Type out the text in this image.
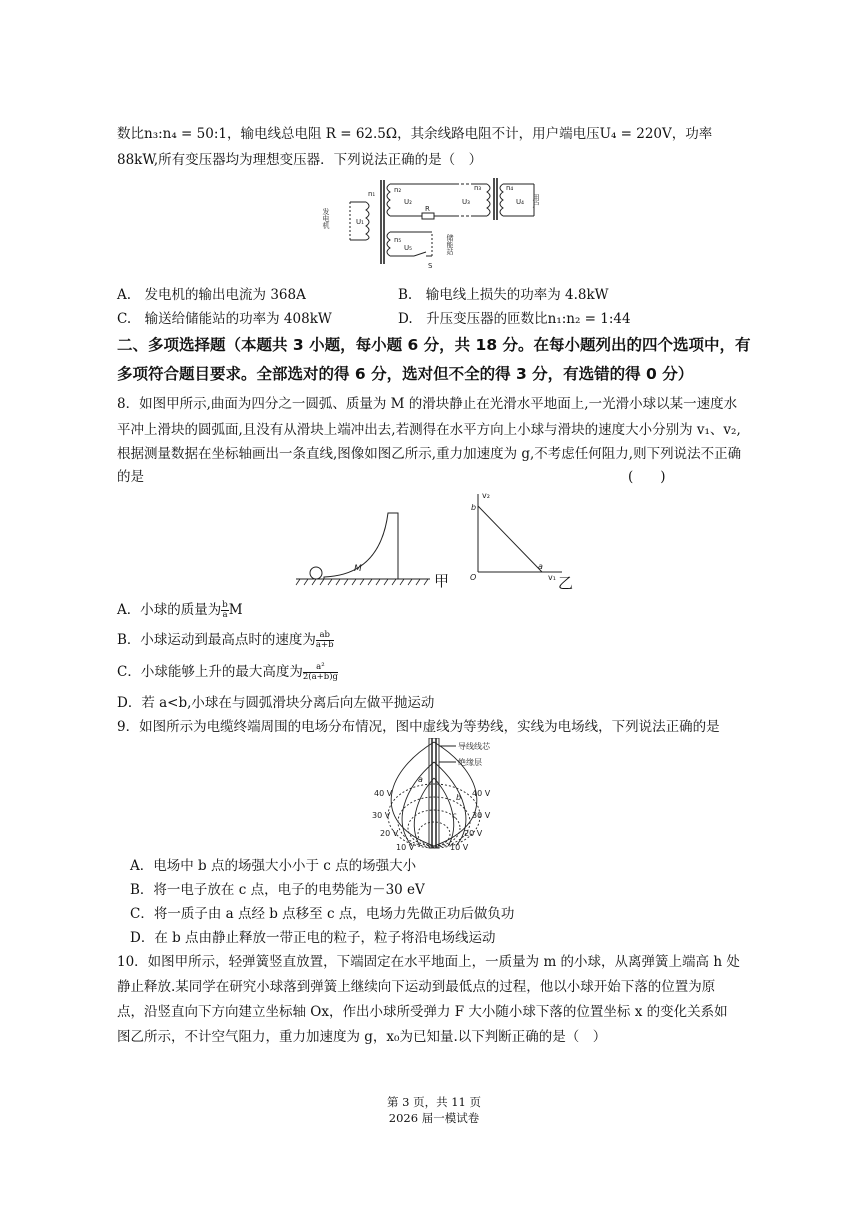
数比n₃:n₄ = 50:1，输电线总电阻 R = 62.5Ω，其余线路电阻不计，用户端电压U₄ = 220V，功率
88kW,所有变压器均为理想变压器．下列说法正确的是（　）
发电机	U₁
n₁	n₂
U₂
R
U₃
n₃	n₄
U₄ 用户
n₅
U₅
S
储能站
A.　发电机的输出电流为 368A	B.　输电线上损失的功率为 4.8kW
C.　输送给储能站的功率为 408kW	D.　升压变压器的匝数比n₁:n₂ = 1:44
二、多项选择题（本题共 3 小题，每小题 6 分，共 18 分。在每小题列出的四个选项中，有
多项符合题目要求。全部选对的得 6 分，选对但不全的得 3 分，有选错的得 0 分）
8．如图甲所示,曲面为四分之一圆弧、质量为 M 的滑块静止在光滑水平地面上,一光滑小球以某一速度水
平冲上滑块的圆弧面,且没有从滑块上端冲出去,若测得在水平方向上小球与滑块的速度大小分别为 v₁、v₂,
根据测量数据在坐标轴画出一条直线,图像如图乙所示,重力加速度为 g,不考虑任何阻力,则下列说法不正确
的是	(　　)
M
甲
v₂
b
O
a
v₁ 乙
A．小球的质量为 $\frac{b}{a}$ M
B．小球运动到最高点时的速度为 $\frac{ab}{a+b}$
C．小球能够上升的最大高度为 $\frac{\text{a²}}{2(a+b)g}$
D．若 a<b,小球在与圆弧滑块分离后向左做平抛运动
9．如图所示为电缆终端周围的电场分布情况，图中虚线为等势线，实线为电场线，下列说法正确的是
导线线芯
绝缘层
40 V
30 V
20 V
10 V
40 V
30 V
20 V
10 V
a
b
c
A．电场中 b 点的场强大小小于 c 点的场强大小
B．将一电子放在 c 点，电子的电势能为－30 eV
C．将一质子由 a 点经 b 点移至 c 点，电场力先做正功后做负功
D．在 b 点由静止释放一带正电的粒子，粒子将沿电场线运动
10．如图甲所示，轻弹簧竖直放置，下端固定在水平地面上，一质量为 m 的小球，从离弹簧上端高 h 处
静止释放.某同学在研究小球落到弹簧上继续向下运动到最低点的过程，他以小球开始下落的位置为原
点，沿竖直向下方向建立坐标轴 Ox，作出小球所受弹力 F 大小随小球下落的位置坐标 x 的变化关系如
图乙所示，不计空气阻力，重力加速度为 g，x₀为已知量.以下判断正确的是（　）
第 3 页，共 11 页
2026 届一模试卷
